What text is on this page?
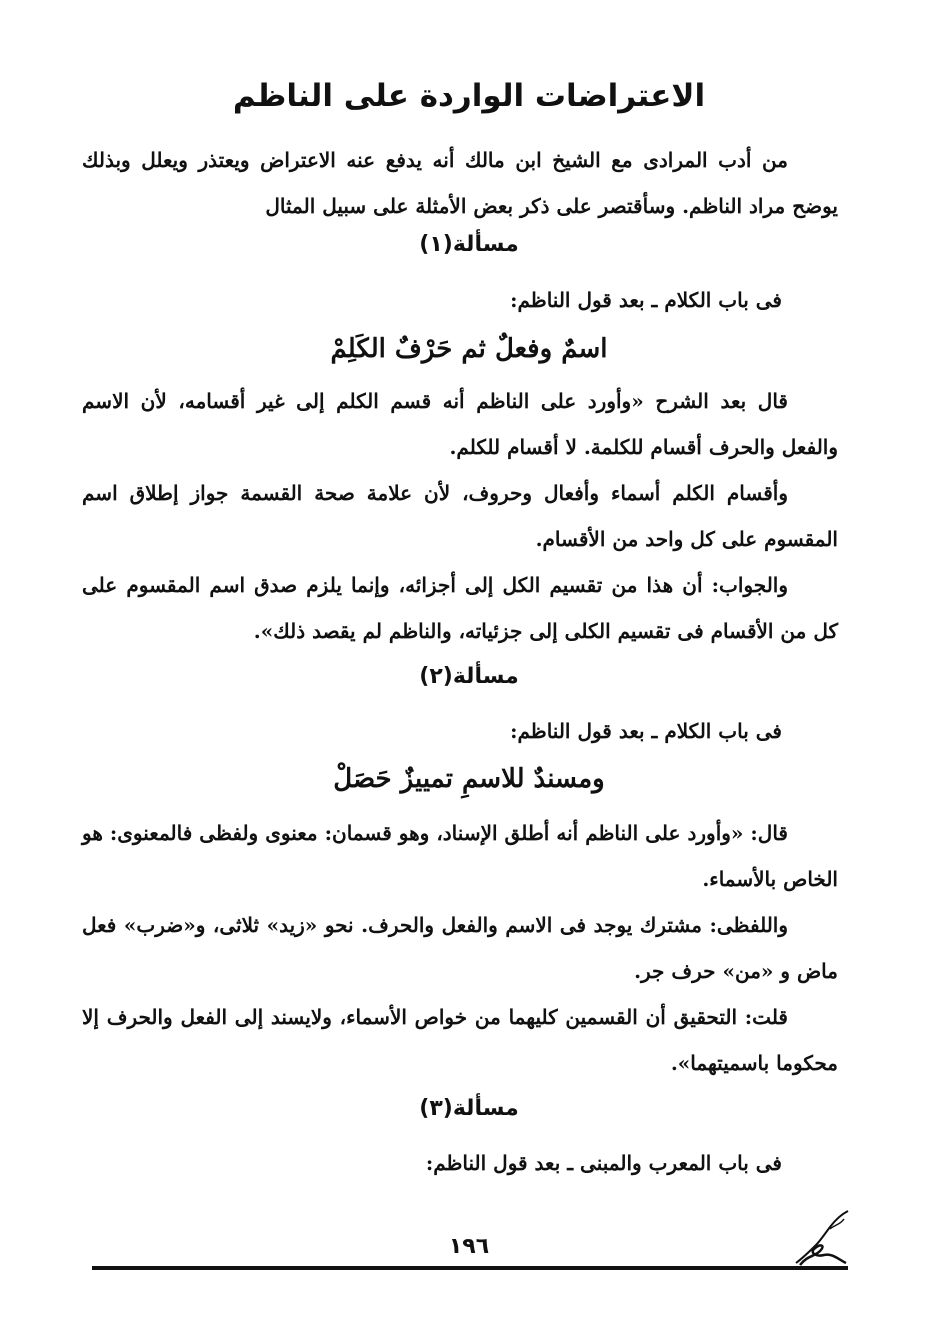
الاعتراضات الواردة على الناظم
من أدب المرادى مع الشيخ ابن مالك أنه يدفع عنه الاعتراض ويعتذر ويعلل وبذلك يوضح مراد الناظم. وسأقتصر على ذكر بعض الأمثلة على سبيل المثال
مسألة(١)
فى باب الكلام ـ بعد قول الناظم:
اسمٌ وفعلٌ ثم حَرْفٌ الكَلِمْ
قال بعد الشرح «وأورد على الناظم أنه قسم الكلم إلى غير أقسامه، لأن الاسم والفعل والحرف أقسام للكلمة. لا أقسام للكلم.
وأقسام الكلم أسماء وأفعال وحروف، لأن علامة صحة القسمة جواز إطلاق اسم المقسوم على كل واحد من الأقسام.
والجواب: أن هذا من تقسيم الكل إلى أجزائه، وإنما يلزم صدق اسم المقسوم على كل من الأقسام فى تقسيم الكلى إلى جزئياته، والناظم لم يقصد ذلك».
مسألة(٢)
فى باب الكلام ـ بعد قول الناظم:
ومسندٌ للاسمِ تمييزٌ حَصَلْ
قال: «وأورد على الناظم أنه أطلق الإسناد، وهو قسمان: معنوى ولفظى فالمعنوى: هو الخاص بالأسماء.
واللفظى: مشترك يوجد فى الاسم والفعل والحرف. نحو «زيد» ثلاثى، و«ضرب» فعل ماض و «من» حرف جر.
قلت: التحقيق أن القسمين كليهما من خواص الأسماء، ولايسند إلى الفعل والحرف إلا محكوما باسميتهما».
مسألة(٣)
فى باب المعرب والمبنى ـ بعد قول الناظم:
١٩٦
